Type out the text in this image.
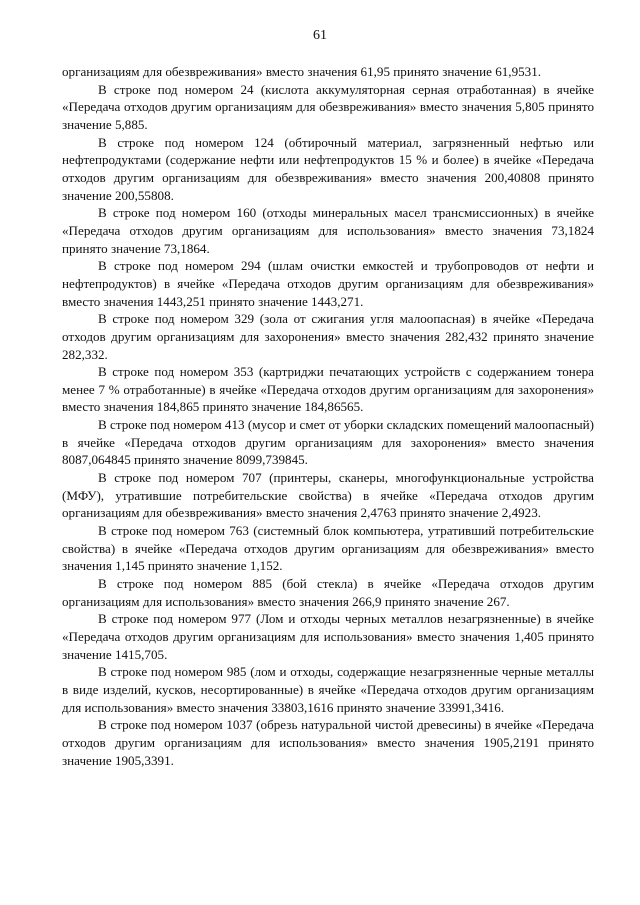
61

организациям для обезвреживания» вместо значения 61,95 принято значение 61,9531.

В строке под номером 24 (кислота аккумуляторная серная отработанная) в ячейке «Передача отходов другим организациям для обезвреживания» вместо значения 5,805 принято значение 5,885.

В строке под номером 124 (обтирочный материал, загрязненный нефтью или нефтепродуктами (содержание нефти или нефтепродуктов 15 % и более) в ячейке «Передача отходов другим организациям для обезвреживания» вместо значения 200,40808 принято значение 200,55808.

В строке под номером 160 (отходы минеральных масел трансмиссионных) в ячейке «Передача отходов другим организациям для использования» вместо значения 73,1824 принято значение 73,1864.

В строке под номером 294 (шлам очистки емкостей и трубопроводов от нефти и нефтепродуктов) в ячейке «Передача отходов другим организациям для обезвреживания» вместо значения 1443,251 принято значение 1443,271.

В строке под номером 329 (зола от сжигания угля малоопасная) в ячейке «Передача отходов другим организациям для захоронения» вместо значения 282,432 принято значение 282,332.

В строке под номером 353 (картриджи печатающих устройств с содержанием тонера менее 7 % отработанные) в ячейке «Передача отходов другим организациям для захоронения» вместо значения 184,865 принято значение 184,86565.

В строке под номером 413 (мусор и смет от уборки складских помещений малоопасный) в ячейке «Передача отходов другим организациям для захоронения» вместо значения 8087,064845 принято значение 8099,739845.

В строке под номером 707 (принтеры, сканеры, многофункциональные устройства (МФУ), утратившие потребительские свойства) в ячейке «Передача отходов другим организациям для обезвреживания» вместо значения 2,4763 принято значение 2,4923.

В строке под номером 763 (системный блок компьютера, утративший потребительские свойства) в ячейке «Передача отходов другим организациям для обезвреживания» вместо значения 1,145 принято значение 1,152.

В строке под номером 885 (бой стекла) в ячейке «Передача отходов другим организациям для использования» вместо значения 266,9 принято значение 267.

В строке под номером 977 (Лом и отходы черных металлов незагрязненные) в ячейке «Передача отходов другим организациям для использования» вместо значения 1,405 принято значение 1415,705.

В строке под номером 985 (лом и отходы, содержащие незагрязненные черные металлы в виде изделий, кусков, несортированные) в ячейке «Передача отходов другим организациям для использования» вместо значения 33803,1616 принято значение 33991,3416.

В строке под номером 1037 (обрезь натуральной чистой древесины) в ячейке «Передача отходов другим организациям для использования» вместо значения 1905,2191 принято значение 1905,3391.
